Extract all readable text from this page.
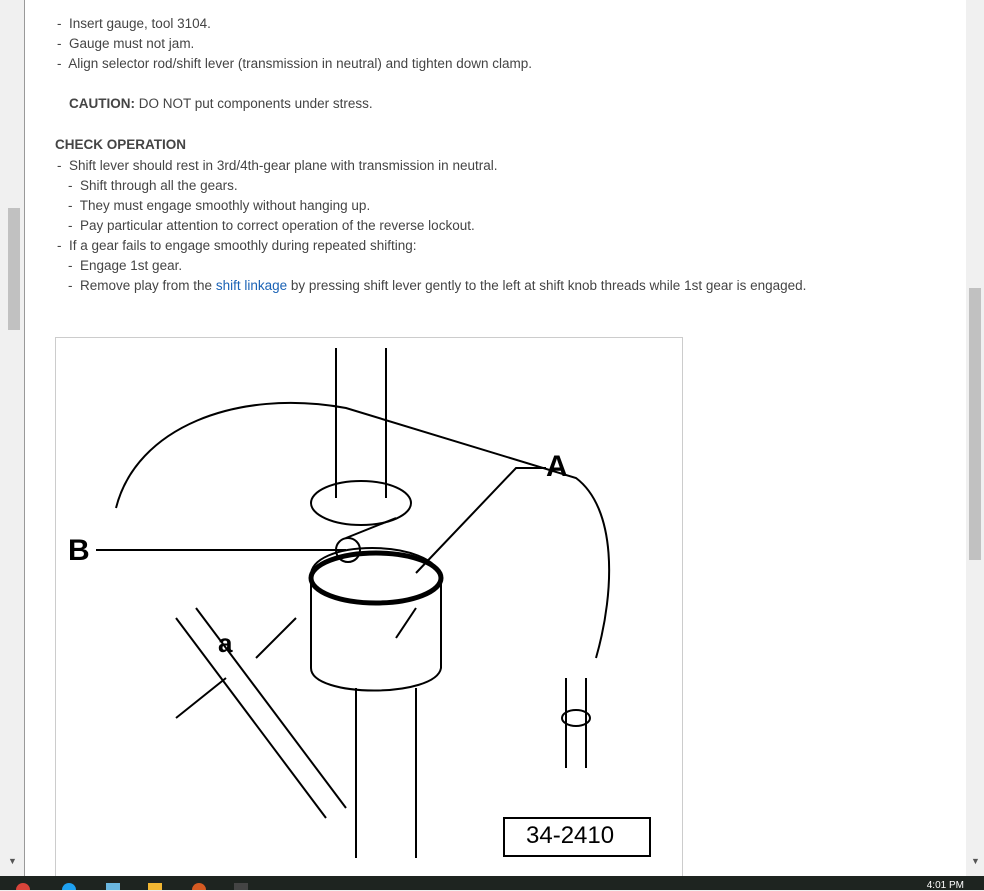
▼
-  Insert gauge, tool 3104.
-  Gauge must not jam.
-  Align selector rod/shift lever (transmission in neutral) and tighten down clamp.
CAUTION: DO NOT put components under stress.
CHECK OPERATION
-  Shift lever should rest in 3rd/4th-gear plane with transmission in neutral.
-  Shift through all the gears.
-  They must engage smoothly without hanging up.
-  Pay particular attention to correct operation of the reverse lockout.
-  If a gear fails to engage smoothly during repeated shifting:
-  Engage 1st gear.
-  Remove play from the shift linkage by pressing shift lever gently to the left at shift knob threads while 1st gear is engaged.
B
A
a
34-2410
▼
4:01 PM
